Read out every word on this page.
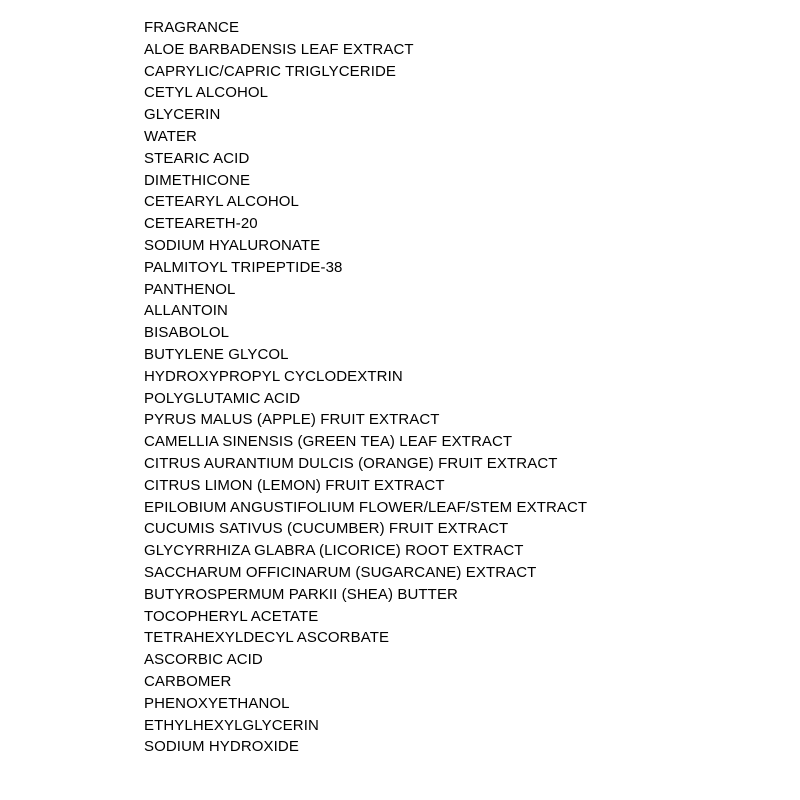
FRAGRANCE
ALOE BARBADENSIS LEAF EXTRACT
CAPRYLIC/CAPRIC TRIGLYCERIDE
CETYL ALCOHOL
GLYCERIN
WATER
STEARIC ACID
DIMETHICONE
CETEARYL ALCOHOL
CETEARETH-20
SODIUM HYALURONATE
PALMITOYL TRIPEPTIDE-38
PANTHENOL
ALLANTOIN
BISABOLOL
BUTYLENE GLYCOL
HYDROXYPROPYL CYCLODEXTRIN
POLYGLUTAMIC ACID
PYRUS MALUS (APPLE) FRUIT EXTRACT
CAMELLIA SINENSIS (GREEN TEA) LEAF EXTRACT
CITRUS AURANTIUM DULCIS (ORANGE) FRUIT EXTRACT
CITRUS LIMON (LEMON) FRUIT EXTRACT
EPILOBIUM ANGUSTIFOLIUM FLOWER/LEAF/STEM EXTRACT
CUCUMIS SATIVUS (CUCUMBER) FRUIT EXTRACT
GLYCYRRHIZA GLABRA (LICORICE) ROOT EXTRACT
SACCHARUM OFFICINARUM (SUGARCANE) EXTRACT
BUTYROSPERMUM PARKII (SHEA) BUTTER
TOCOPHERYL ACETATE
TETRAHEXYLDECYL ASCORBATE
ASCORBIC ACID
CARBOMER
PHENOXYETHANOL
ETHYLHEXYLGLYCERIN
SODIUM HYDROXIDE
